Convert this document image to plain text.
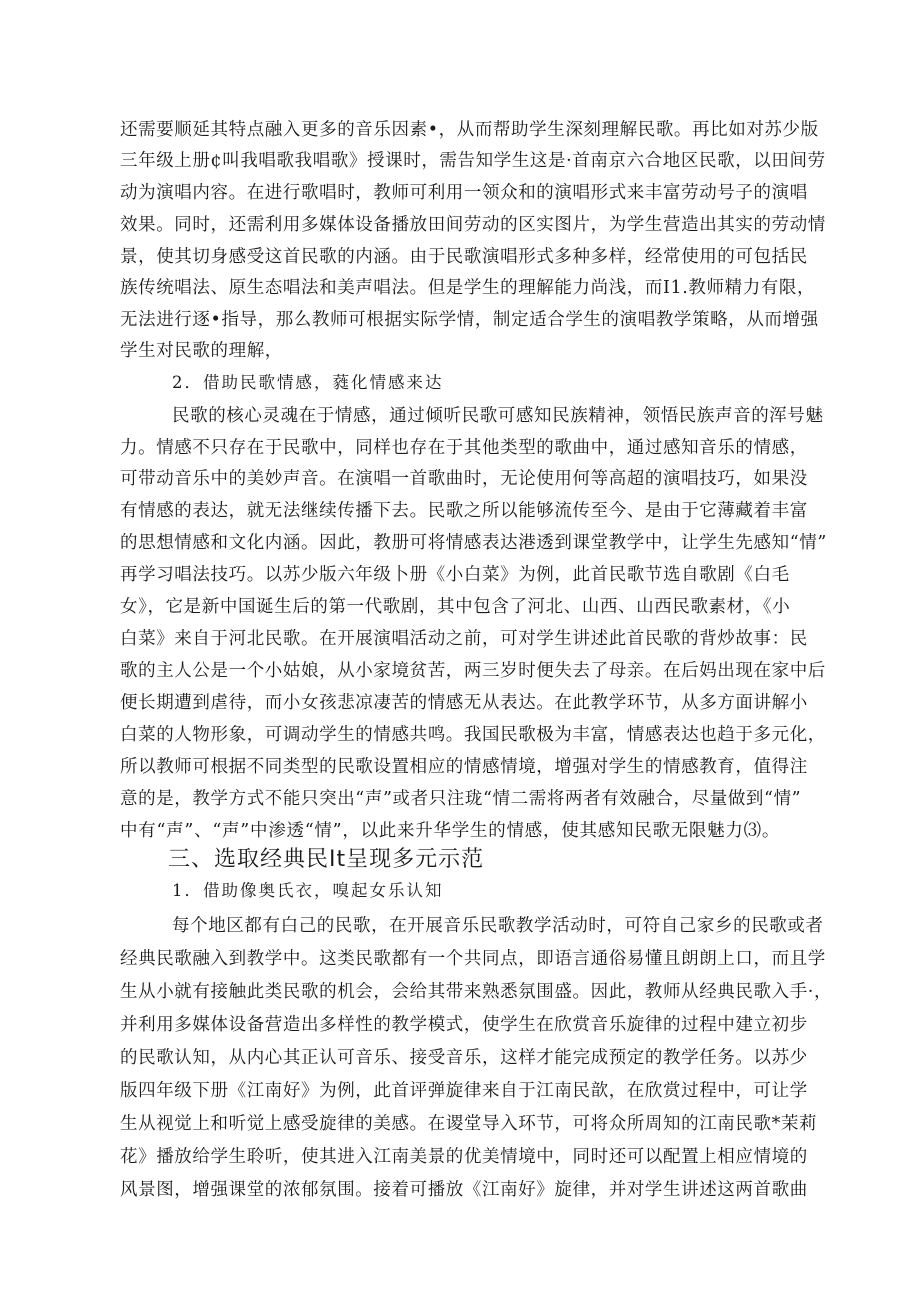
还需要顺延其特点融入更多的音乐因素•，从而帮助学生深刻理解民歌。再比如对苏少版
三年级上册¢叫我唱歌我唱歌》授课时，需告知学生这是·首南京六合地区民歌，以田间劳
动为演唱内容。在进行歌唱时，教师可利用一领众和的演唱形式来丰富劳动号子的演唱
效果。同时，还需利用多媒体设备播放田间劳动的区实图片，为学生营造出其实的劳动情
景，使其切身感受这首民歌的内涵。由于民歌演唱形式多种多样，经常使用的可包括民
族传统唱法、原生态唱法和美声唱法。但是学生的理解能力尚浅，而I1.教师精力有限，
无法进行逐•指导，那么教师可根据实际学情，制定适合学生的演唱教学策略，从而增强
学生对民歌的理解，
2．借助民歌情感，蕤化情感来达
民歌的核心灵魂在于情感，通过倾听民歌可感知民族精神，领悟民族声音的浑号魅
力。情感不只存在于民歌中，同样也存在于其他类型的歌曲中，通过感知音乐的情感，
可带动音乐中的美妙声音。在演唱一首歌曲时，无论使用何等高超的演唱技巧，如果没
有情感的表达，就无法继续传播下去。民歌之所以能够流传至今、是由于它薄藏着丰富
的思想情感和文化内涵。因此，教册可将情感表达港透到课堂教学中，让学生先感知“情”
再学习唱法技巧。以苏少版六年级卜册《小白菜》为例，此首民歌节选自歌剧《白毛
女》，它是新中国诞生后的第一代歌剧，其中包含了河北、山西、山西民歌素材，《小
白菜》来自于河北民歌。在开展演唱活动之前，可对学生讲述此首民歌的背炒故事：民
歌的主人公是一个小姑娘，从小家境贫苦，两三岁时便失去了母亲。在后妈出现在家中后
便长期遭到虐待，而小女孩悲凉凄苦的情感无从表达。在此教学环节，从多方面讲解小
白菜的人物形象，可调动学生的情感共鸣。我国民歌极为丰富，情感表达也趋于多元化，
所以教师可根据不同类型的民歌设置相应的情感情境，增强对学生的情感教育，值得注
意的是，教学方式不能只突出“声”或者只注珑“情二需将两者有效融合，尽量做到“情”
中有“声”、“声”中渗透“情”，以此来升华学生的情感，使其感知民歌无限魅力⑶。
三、选取经典民It呈现多元示范
1．借助像奥氏衣，嗅起女乐认知
每个地区都有白己的民歌，在开展音乐民歌教学活动时，可符自己家乡的民歌或者
经典民歌融入到教学中。这类民歌都有一个共同点，即语言通俗易懂且朗朗上口，而且学
生从小就有接触此类民歌的机会，会给其带来熟悉氛围盛。因此，教师从经典民歌入手·，
并利用多媒体设备营造出多样性的教学模式，使学生在欣赏音乐旋律的过程中建立初步
的民歌认知，从内心其正认可音乐、接受音乐，这样才能完成预定的教学任务。以苏少
版四年级下册《江南好》为例，此首评弹旋律来自于江南民歆，在欣赏过程中，可让学
生从视觉上和听觉上感受旋律的美感。在谡堂导入环节，可将众所周知的江南民歌*茉莉
花》播放给学生聆听，使其进入江南美景的优美情境中，同时还可以配置上相应情境的
风景图，增强课堂的浓郁氛围。接着可播放《江南好》旋律，并对学生讲述这两首歌曲
